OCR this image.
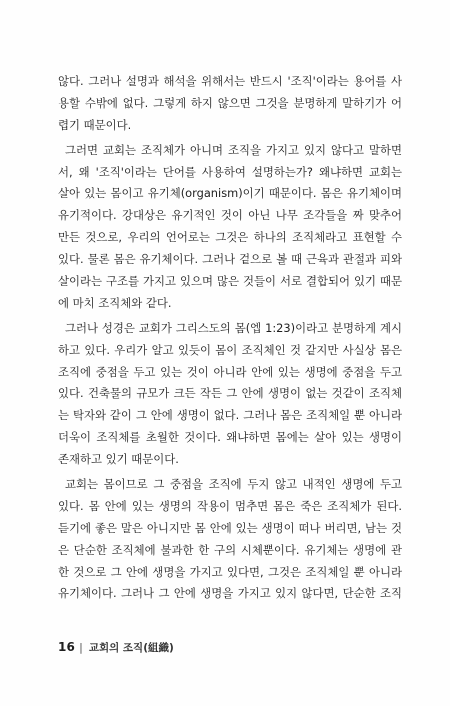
않다. 그러나 설명과 해석을 위해서는 반드시 '조직'이라는 용어를 사
용할 수밖에 없다. 그렇게 하지 않으면 그것을 분명하게 말하기가 어
렵기 때문이다.
그러면 교회는 조직체가 아니며 조직을 가지고 있지 않다고 말하면
서, 왜 '조직'이라는 단어를 사용하여 설명하는가? 왜냐하면 교회는
살아 있는 몸이고 유기체(organism)이기 때문이다. 몸은 유기체이며
유기적이다. 강대상은 유기적인 것이 아닌 나무 조각들을 짜 맞추어
만든 것으로, 우리의 언어로는 그것은 하나의 조직체라고 표현할 수
있다. 물론 몸은 유기체이다. 그러나 겉으로 볼 때 근육과 관절과 피와
살이라는 구조를 가지고 있으며 많은 것들이 서로 결합되어 있기 때문
에 마치 조직체와 같다.
그러나 성경은 교회가 그리스도의 몸(엡 1:23)이라고 분명하게 계시
하고 있다. 우리가 알고 있듯이 몸이 조직체인 것 같지만 사실상 몸은
조직에 중점을 두고 있는 것이 아니라 안에 있는 생명에 중점을 두고
있다. 건축물의 규모가 크든 작든 그 안에 생명이 없는 것같이 조직체
는 탁자와 같이 그 안에 생명이 없다. 그러나 몸은 조직체일 뿐 아니라
더욱이 조직체를 초월한 것이다. 왜냐하면 몸에는 살아 있는 생명이
존재하고 있기 때문이다.
교회는 몸이므로 그 중점을 조직에 두지 않고 내적인 생명에 두고
있다. 몸 안에 있는 생명의 작용이 멈추면 몸은 죽은 조직체가 된다.
듣기에 좋은 말은 아니지만 몸 안에 있는 생명이 떠나 버리면, 남는 것
은 단순한 조직체에 불과한 한 구의 시체뿐이다. 유기체는 생명에 관
한 것으로 그 안에 생명을 가지고 있다면, 그것은 조직체일 뿐 아니라
유기체이다. 그러나 그 안에 생명을 가지고 있지 않다면, 단순한 조직
16 | 교회의 조직(組織)
